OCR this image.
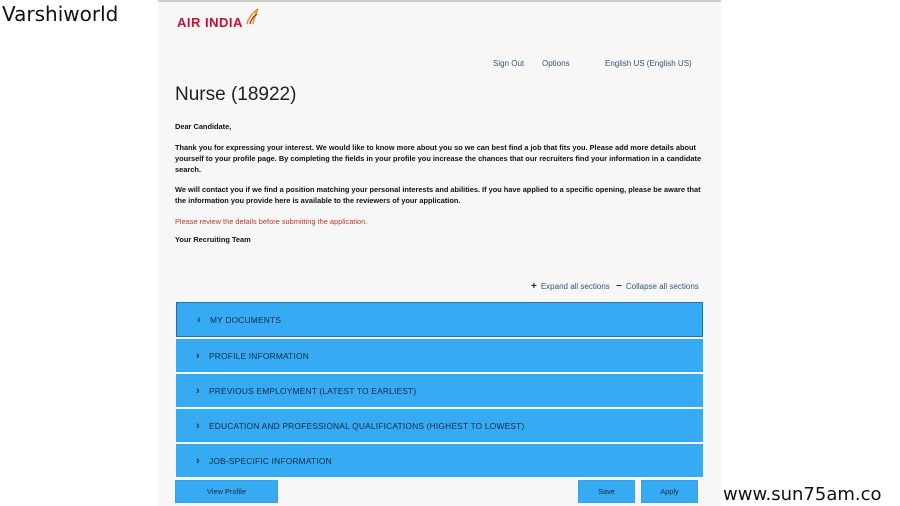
Varshiworld	AIR INDIA
Sign Out Options	English US (English US)
Nurse (18922)
Dear Candidate,
Thank you for expressing your interest. We would like to know more about you so we can best find a job that fits you. Please add more details about yourself to your profile page. By completing the fields in your profile you increase the chances that our recruiters find your information in a candidate search.
We will contact you if we find a position matching your personal interests and abilities. If you have applied to a specific opening, please be aware that the information you provide here is available to the reviewers of your application.
Please review the details before submitting the application.
Your Recruiting Team
+ Expand all sections − Collapse all sections
›	MY DOCUMENTS
›	PROFILE INFORMATION
›	PREVIOUS EMPLOYMENT (LATEST TO EARLIEST)
›	EDUCATION AND PROFESSIONAL QUALIFICATIONS (HIGHEST TO LOWEST)
›	JOB-SPECIFIC INFORMATION
View Profile	Save	Apply	www.sun75am.co
